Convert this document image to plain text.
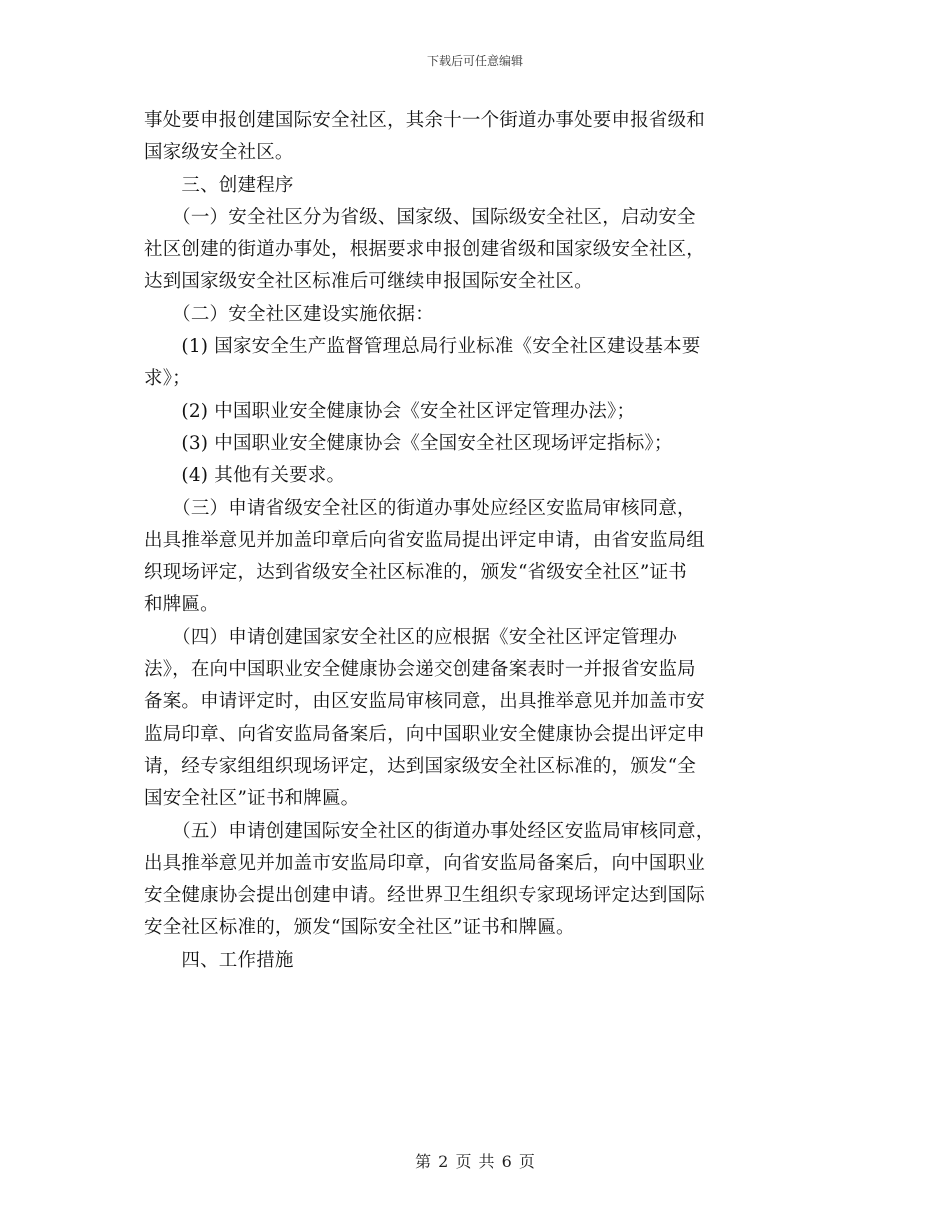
下载后可任意编辑

事处要申报创建国际安全社区，其余十一个街道办事处要申报省级和

国家级安全社区。

　　三、创建程序

　　（一）安全社区分为省级、国家级、国际级安全社区，启动安全

社区创建的街道办事处，根据要求申报创建省级和国家级安全社区，

达到国家级安全社区标准后可继续申报国际安全社区。

　　（二）安全社区建设实施依据：

　　(1) 国家安全生产监督管理总局行业标准《安全社区建设基本要

求》；

　　(2) 中国职业安全健康协会《安全社区评定管理办法》；

　　(3) 中国职业安全健康协会《全国安全社区现场评定指标》；

　　(4) 其他有关要求。

　　（三）申请省级安全社区的街道办事处应经区安监局审核同意，

出具推举意见并加盖印章后向省安监局提出评定申请，由省安监局组

织现场评定，达到省级安全社区标准的，颁发“省级安全社区”证书

和牌匾。

　　（四）申请创建国家安全社区的应根据《安全社区评定管理办

法》，在向中国职业安全健康协会递交创建备案表时一并报省安监局

备案。申请评定时，由区安监局审核同意，出具推举意见并加盖市安

监局印章、向省安监局备案后，向中国职业安全健康协会提出评定申

请，经专家组组织现场评定，达到国家级安全社区标准的，颁发“全

国安全社区”证书和牌匾。

　　（五）申请创建国际安全社区的街道办事处经区安监局审核同意，

出具推举意见并加盖市安监局印章，向省安监局备案后，向中国职业

安全健康协会提出创建申请。经世界卫生组织专家现场评定达到国际

安全社区标准的，颁发“国际安全社区”证书和牌匾。

　　四、工作措施

第 2 页 共 6 页
